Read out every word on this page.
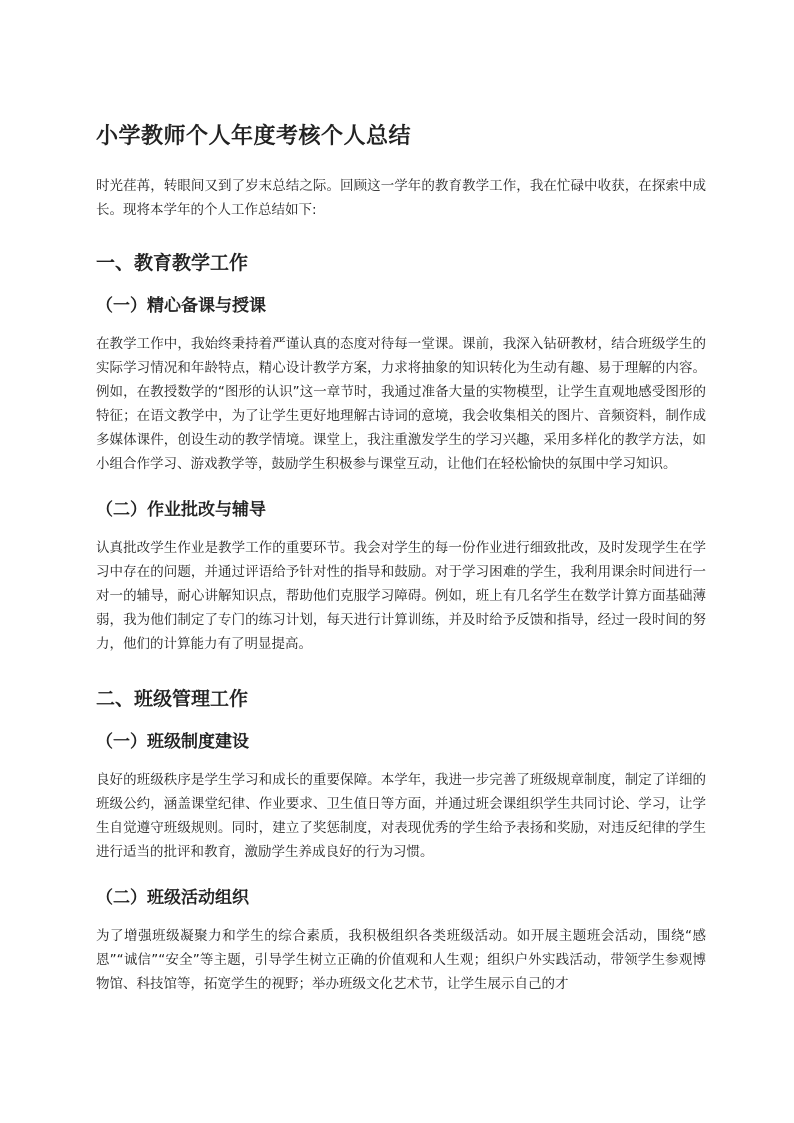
小学教师个人年度考核个人总结

时光荏苒，转眼间又到了岁末总结之际。回顾这一学年的教育教学工作，我在忙碌中收获，在探索中成长。现将本学年的个人工作总结如下:

一、教育教学工作
（一）精心备课与授课

在教学工作中，我始终秉持着严谨认真的态度对待每一堂课。课前，我深入钻研教材，结合班级学生的实际学习情况和年龄特点，精心设计教学方案，力求将抽象的知识转化为生动有趣、易于理解的内容。例如，在教授数学的“图形的认识”这一章节时，我通过准备大量的实物模型，让学生直观地感受图形的特征；在语文教学中，为了让学生更好地理解古诗词的意境，我会收集相关的图片、音频资料，制作成多媒体课件，创设生动的教学情境。课堂上，我注重激发学生的学习兴趣，采用多样化的教学方法，如小组合作学习、游戏教学等，鼓励学生积极参与课堂互动，让他们在轻松愉快的氛围中学习知识。

（二）作业批改与辅导

认真批改学生作业是教学工作的重要环节。我会对学生的每一份作业进行细致批改，及时发现学生在学习中存在的问题，并通过评语给予针对性的指导和鼓励。对于学习困难的学生，我利用课余时间进行一对一的辅导，耐心讲解知识点，帮助他们克服学习障碍。例如，班上有几名学生在数学计算方面基础薄弱，我为他们制定了专门的练习计划，每天进行计算训练，并及时给予反馈和指导，经过一段时间的努力，他们的计算能力有了明显提高。

二、班级管理工作
（一）班级制度建设

良好的班级秩序是学生学习和成长的重要保障。本学年，我进一步完善了班级规章制度，制定了详细的班级公约，涵盖课堂纪律、作业要求、卫生值日等方面，并通过班会课组织学生共同讨论、学习，让学生自觉遵守班级规则。同时，建立了奖惩制度，对表现优秀的学生给予表扬和奖励，对违反纪律的学生进行适当的批评和教育，激励学生养成良好的行为习惯。

（二）班级活动组织

为了增强班级凝聚力和学生的综合素质，我积极组织各类班级活动。如开展主题班会活动，围绕“感恩”“诚信”“安全”等主题，引导学生树立正确的价值观和人生观；组织户外实践活动，带领学生参观博物馆、科技馆等，拓宽学生的视野；举办班级文化艺术节，让学生展示自己的才
